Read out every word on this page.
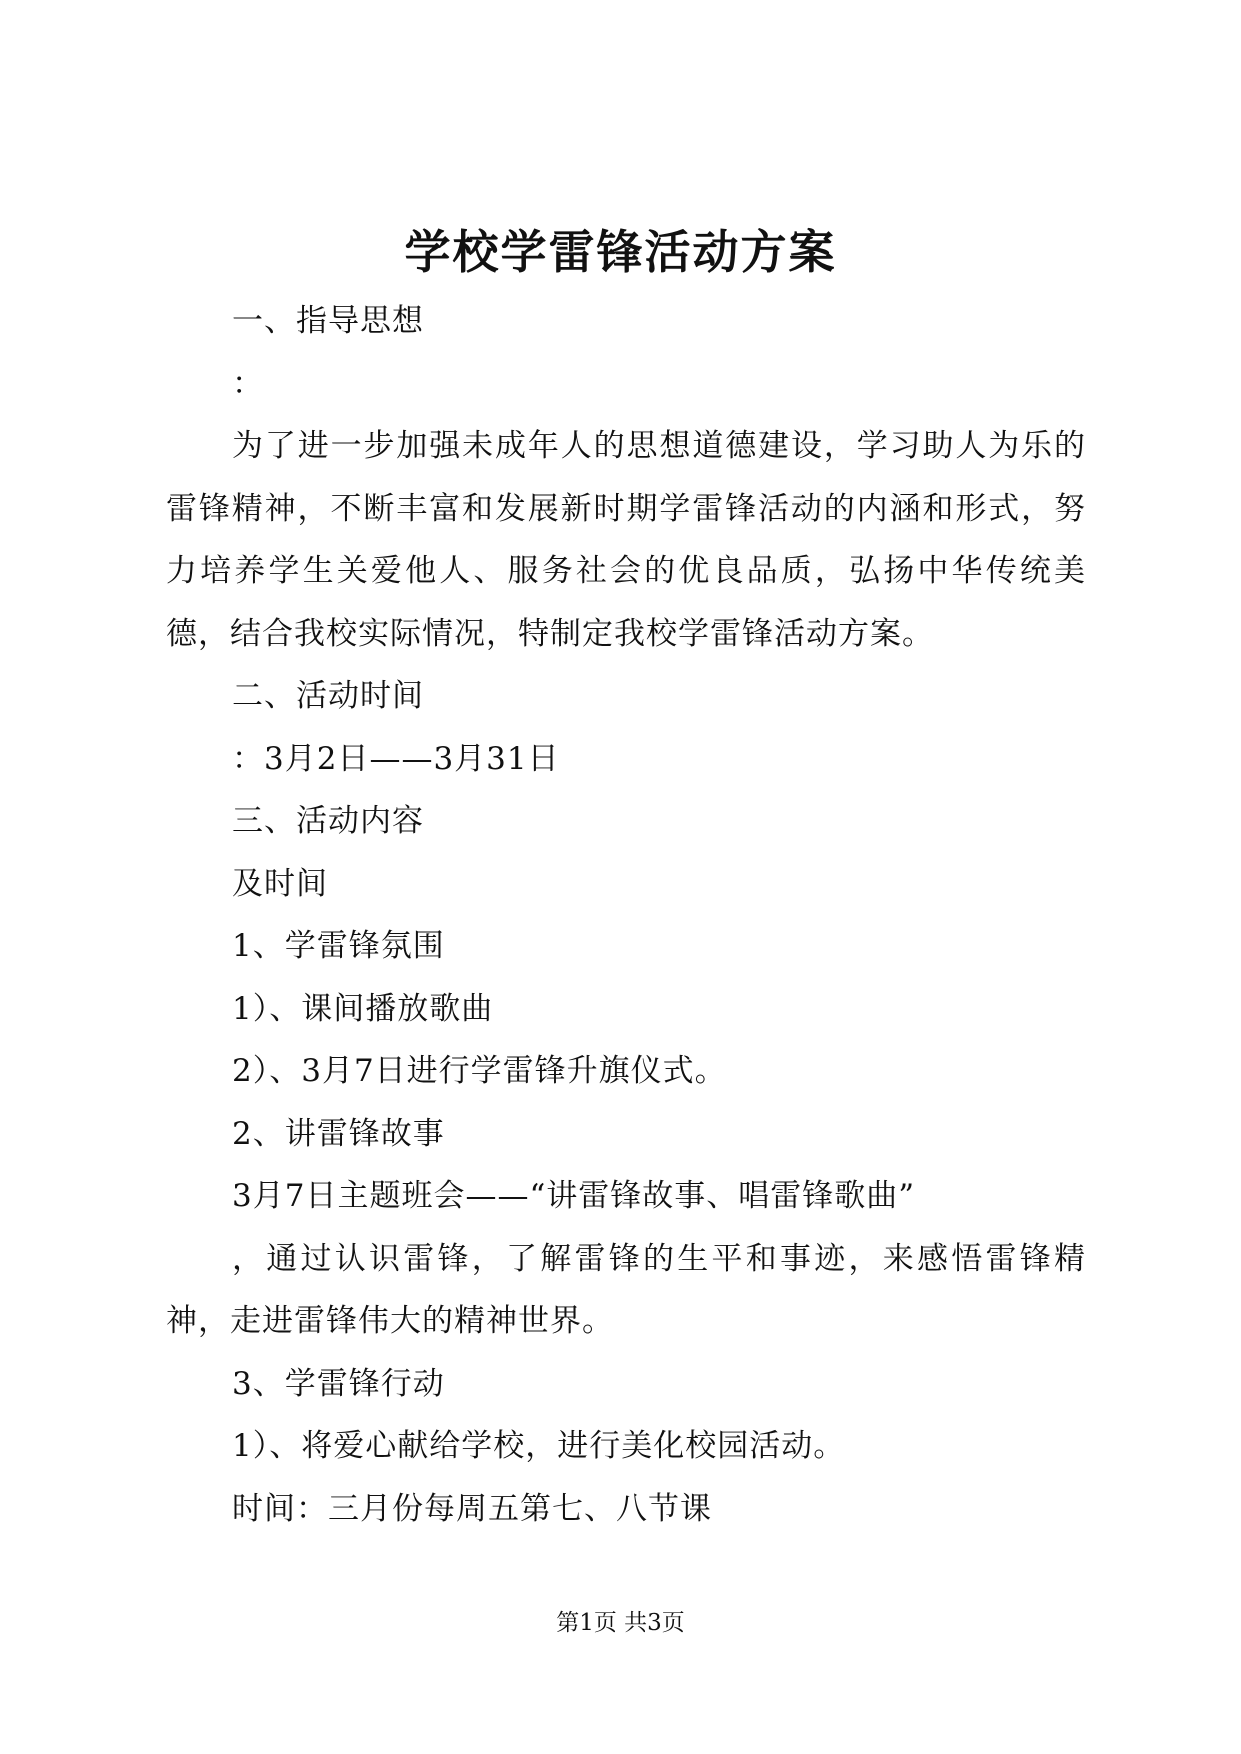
学校学雷锋活动方案

一、指导思想

：

为了进一步加强未成年人的思想道德建设，学习助人为乐的雷锋精神，不断丰富和发展新时期学雷锋活动的内涵和形式，努力培养学生关爱他人、服务社会的优良品质，弘扬中华传统美德，结合我校实际情况，特制定我校学雷锋活动方案。

二、活动时间

：3月2日——3月31日

三、活动内容

及时间

1、学雷锋氛围

1）、课间播放歌曲

2）、3月7日进行学雷锋升旗仪式。

2、讲雷锋故事

3月7日主题班会——“讲雷锋故事、唱雷锋歌曲”

，通过认识雷锋，了解雷锋的生平和事迹，来感悟雷锋精神，走进雷锋伟大的精神世界。

3、学雷锋行动

1）、将爱心献给学校，进行美化校园活动。

时间：三月份每周五第七、八节课

第1页 共3页
